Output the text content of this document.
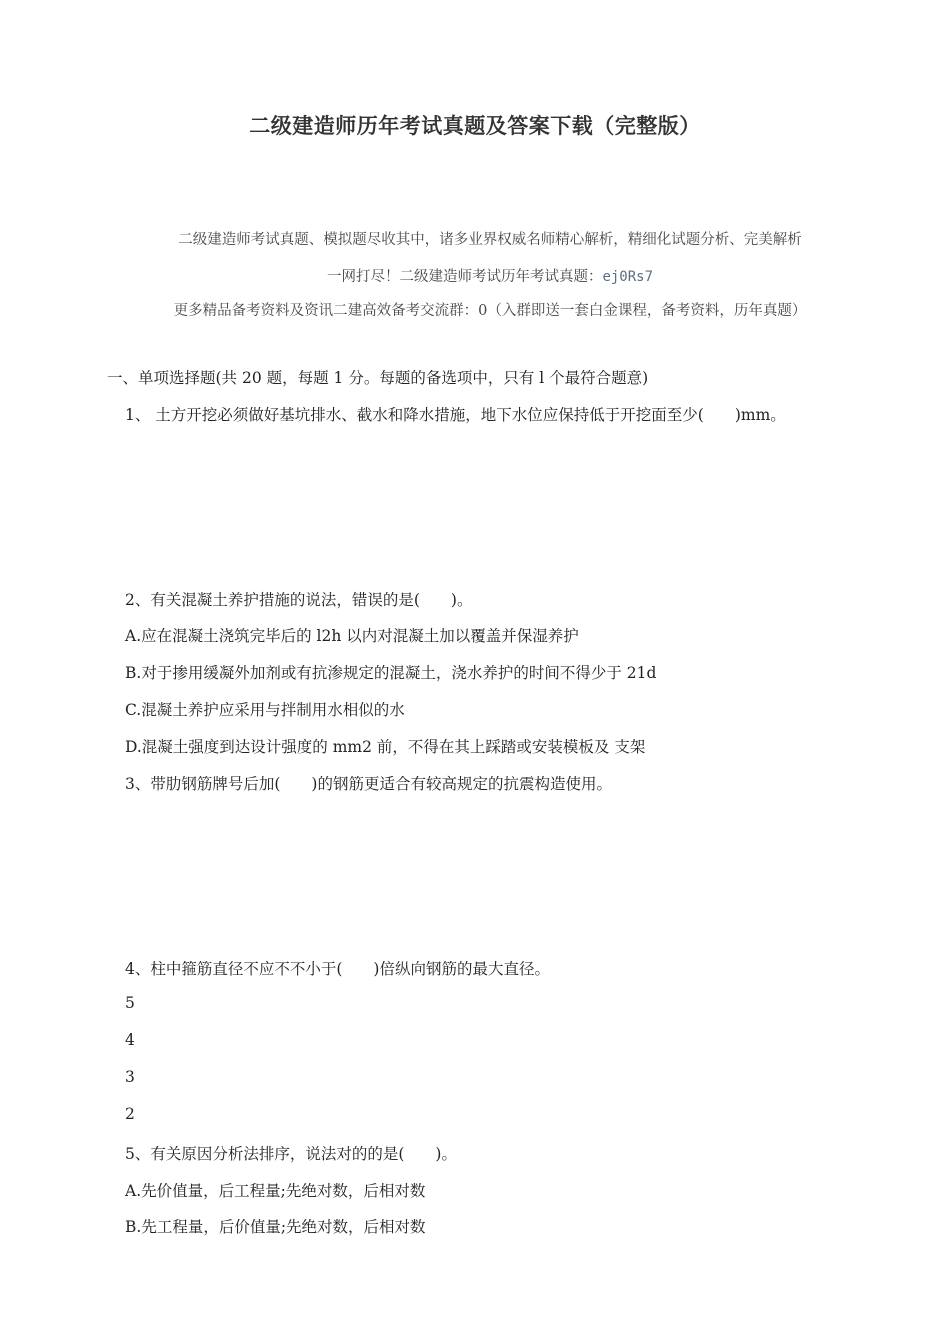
二级建造师历年考试真题及答案下载（完整版）
二级建造师考试真题、模拟题尽收其中，诸多业界权威名师精心解析，精细化试题分析、完美解析
一网打尽！二级建造师考试历年考试真题：ej0Rs7
更多精品备考资料及资讯二建高效备考交流群：0（入群即送一套白金课程，备考资料，历年真题）
一、单项选择题(共 20 题，每题 1 分。每题的备选项中，只有 l 个最符合题意)
1、 土方开挖必须做好基坑排水、截水和降水措施，地下水位应保持低于开挖面至少(　　)mm。
2、有关混凝土养护措施的说法，错误的是(　　)。
A.应在混凝土浇筑完毕后的 l2h 以内对混凝土加以覆盖并保湿养护
B.对于掺用缓凝外加剂或有抗渗规定的混凝土，浇水养护的时间不得少于 21d
C.混凝土养护应采用与拌制用水相似的水
D.混凝土强度到达设计强度的 mm2 前，不得在其上踩踏或安装模板及 支架
3、带肋钢筋牌号后加(　　)的钢筋更适合有较高规定的抗震构造使用。
4、柱中箍筋直径不应不不小于(　　)倍纵向钢筋的最大直径。
5
4
3
2
5、有关原因分析法排序，说法对的的是(　　)。
A.先价值量，后工程量;先绝对数，后相对数
B.先工程量，后价值量;先绝对数，后相对数
